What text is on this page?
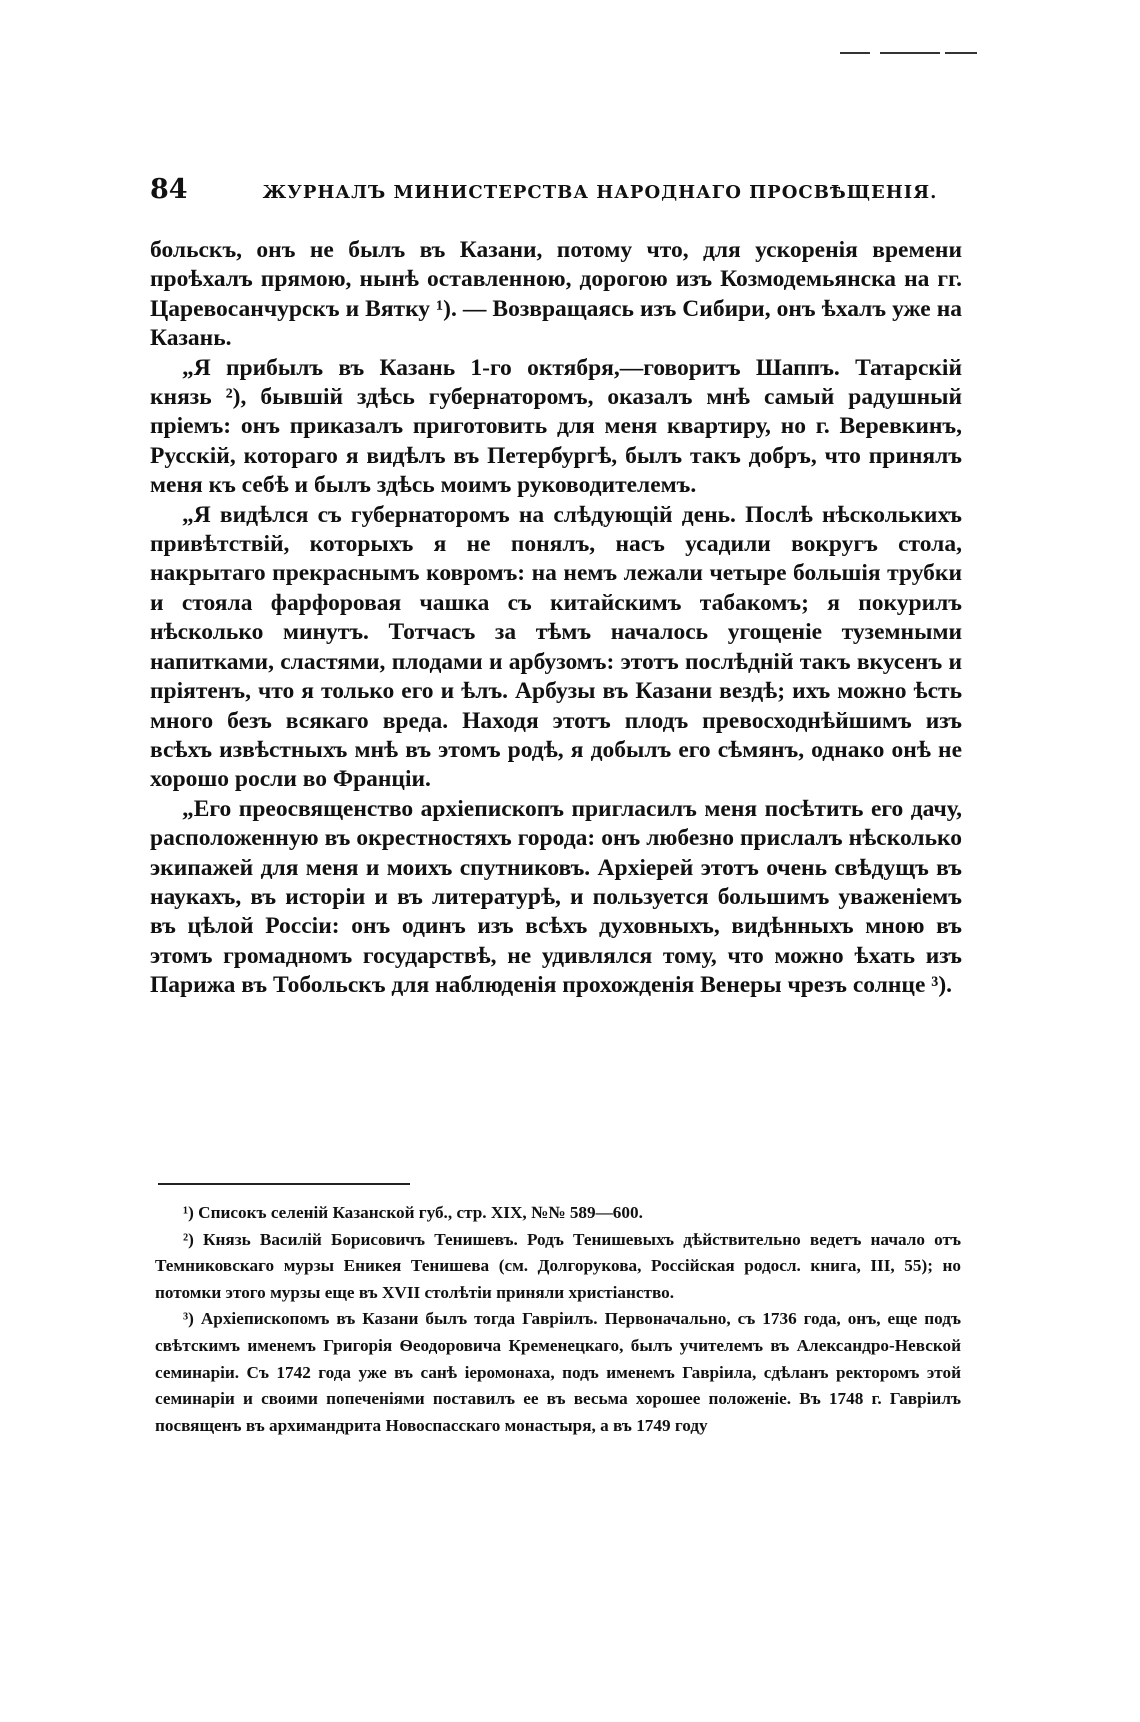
84	ЖУРНАЛЪ МИНИСТЕРСТВА НАРОДНАГО ПРОСВѢЩЕНІЯ.

больскъ, онъ не былъ въ Казани, потому что, для ускоренія времени проѣхалъ прямою, нынѣ оставленною, дорогою изъ Козмодемьянска на гг. Царевосанчурскъ и Вятку ¹). — Возвращаясь изъ Сибири, онъ ѣхалъ уже на Казань.

„Я прибылъ въ Казань 1-го октября,—говоритъ Шаппъ. Татарскій князь ²), бывшій здѣсь губернаторомъ, оказалъ мнѣ самый радушный пріемъ: онъ приказалъ приготовить для меня квартиру, но г. Веревкинъ, Русскій, котораго я видѣлъ въ Петербургѣ, былъ такъ добръ, что принялъ меня къ себѣ и былъ здѣсь моимъ руководителемъ.

„Я видѣлся съ губернаторомъ на слѣдующій день. Послѣ нѣсколькихъ привѣтствій, которыхъ я не понялъ, насъ усадили вокругъ стола, накрытаго прекраснымъ ковромъ: на немъ лежали четыре большія трубки и стояла фарфоровая чашка съ китайскимъ табакомъ; я покурилъ нѣсколько минутъ. Тотчасъ за тѣмъ началось угощеніе туземными напитками, сластями, плодами и арбузомъ: этотъ послѣдній такъ вкусенъ и пріятенъ, что я только его и ѣлъ. Арбузы въ Казани вездѣ; ихъ можно ѣсть много безъ всякаго вреда. Находя этотъ плодъ превосходнѣйшимъ изъ всѣхъ извѣстныхъ мнѣ въ этомъ родѣ, я добылъ его сѣмянъ, однако онѣ не хорошо росли во Франціи.

„Его преосвященство архіепископъ пригласилъ меня посѣтить его дачу, расположенную въ окрестностяхъ города: онъ любезно прислалъ нѣсколько экипажей для меня и моихъ спутниковъ. Архіерей этотъ очень свѣдущъ въ наукахъ, въ исторіи и въ литературѣ, и пользуется большимъ уваженіемъ въ цѣлой Россіи: онъ одинъ изъ всѣхъ духовныхъ, видѣнныхъ мною въ этомъ громадномъ государствѣ, не удивлялся тому, что можно ѣхать изъ Парижа въ Тобольскъ для наблюденія прохожденія Венеры чрезъ солнце ³).

¹) Списокъ селеній Казанской губ., стр. XIX, №№ 589—600.

²) Князь Василій Борисовичъ Тенишевъ. Родъ Тенишевыхъ дѣйствительно ведетъ начало отъ Темниковскаго мурзы Еникея Тенишева (см. Долгорукова, Россійская родосл. книга, III, 55); но потомки этого мурзы еще въ XVII столѣтіи приняли христіанство.

³) Архіепископомъ въ Казани былъ тогда Гавріилъ. Первоначально, съ 1736 года, онъ, еще подъ свѣтскимъ именемъ Григорія Ѳеодоровича Кременецкаго, былъ учителемъ въ Александро-Невской семинаріи. Съ 1742 года уже въ санѣ іеромонаха, подъ именемъ Гавріила, сдѣланъ ректоромъ этой семинаріи и своими попеченіями поставилъ ее въ весьма хорошее положеніе. Въ 1748 г. Гавріилъ посвященъ въ архимандрита Новоспасскаго монастыря, а въ 1749 году
